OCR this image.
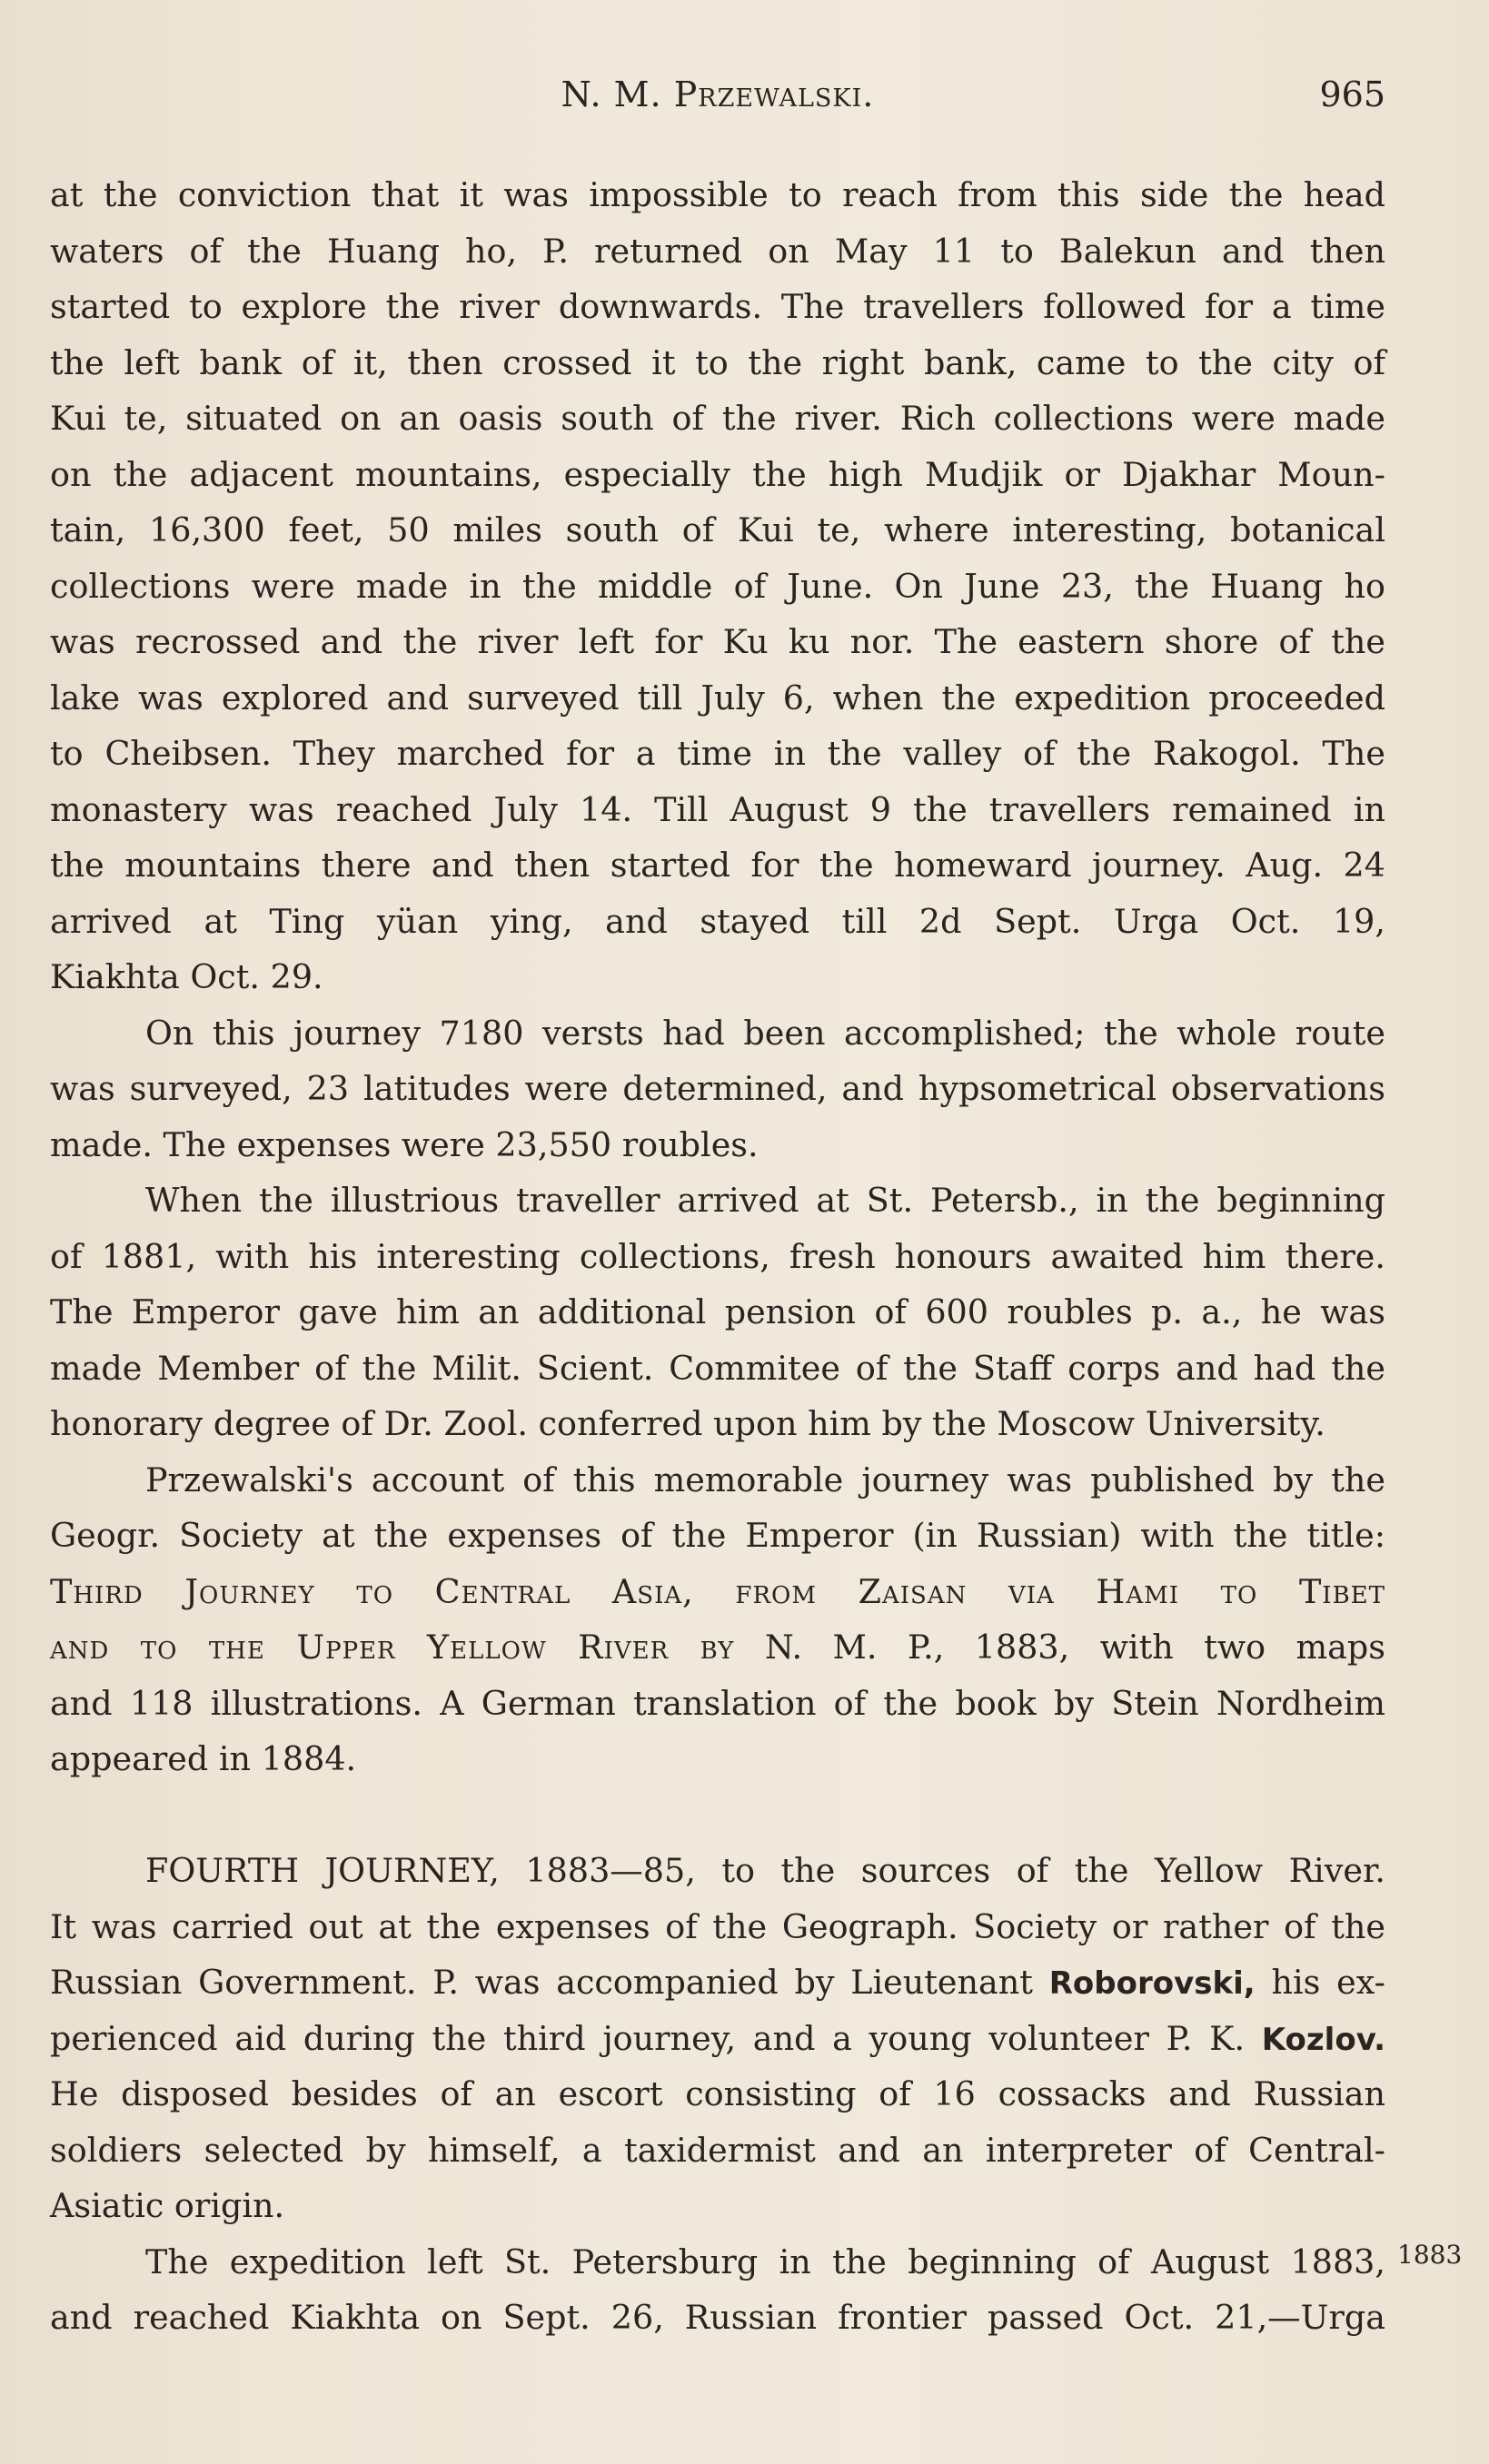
N. M. Przewalski.	965
at the conviction that it was impossible to reach from this side the head
waters of the Huang ho, P. returned on May 11 to Balekun and then
started to explore the river downwards. The travellers followed for a time
the left bank of it, then crossed it to the right bank, came to the city of
Kui te, situated on an oasis south of the river. Rich collections were made
on the adjacent mountains, especially the high Mudjik or Djakhar Moun-
tain, 16,300 feet, 50 miles south of Kui te, where interesting, botanical
collections were made in the middle of June. On June 23, the Huang ho
was recrossed and the river left for Ku ku nor. The eastern shore of the
lake was explored and surveyed till July 6, when the expedition proceeded
to Cheibsen. They marched for a time in the valley of the Rakogol. The
monastery was reached July 14. Till August 9 the travellers remained in
the mountains there and then started for the homeward journey. Aug. 24
arrived at Ting yüan ying, and stayed till 2d Sept. Urga Oct. 19,
Kiakhta Oct. 29.
On this journey 7180 versts had been accomplished; the whole route
was surveyed, 23 latitudes were determined, and hypsometrical observations
made. The expenses were 23,550 roubles.
When the illustrious traveller arrived at St. Petersb., in the beginning
of 1881, with his interesting collections, fresh honours awaited him there.
The Emperor gave him an additional pension of 600 roubles p. a., he was
made Member of the Milit. Scient. Commitee of the Staff corps and had the
honorary degree of Dr. Zool. conferred upon him by the Moscow University.
Przewalski's account of this memorable journey was published by the
Geogr. Society at the expenses of the Emperor (in Russian) with the title:
Third Journey to Central Asia, from Zaisan via Hami to Tibet
and to the Upper Yellow River by N. M. P., 1883, with two maps
and 118 illustrations. A German translation of the book by Stein Nordheim
appeared in 1884.
FOURTH JOURNEY, 1883—85, to the sources of the Yellow River.
It was carried out at the expenses of the Geograph. Society or rather of the
Russian Government. P. was accompanied by Lieutenant Roborovski, his ex-
perienced aid during the third journey, and a young volunteer P. K. Kozlov.
He disposed besides of an escort consisting of 16 cossacks and Russian
soldiers selected by himself, a taxidermist and an interpreter of Central-
Asiatic origin.
The expedition left St. Petersburg in the beginning of August 1883,
and reached Kiakhta on Sept. 26, Russian frontier passed Oct. 21,—Urga
1883
